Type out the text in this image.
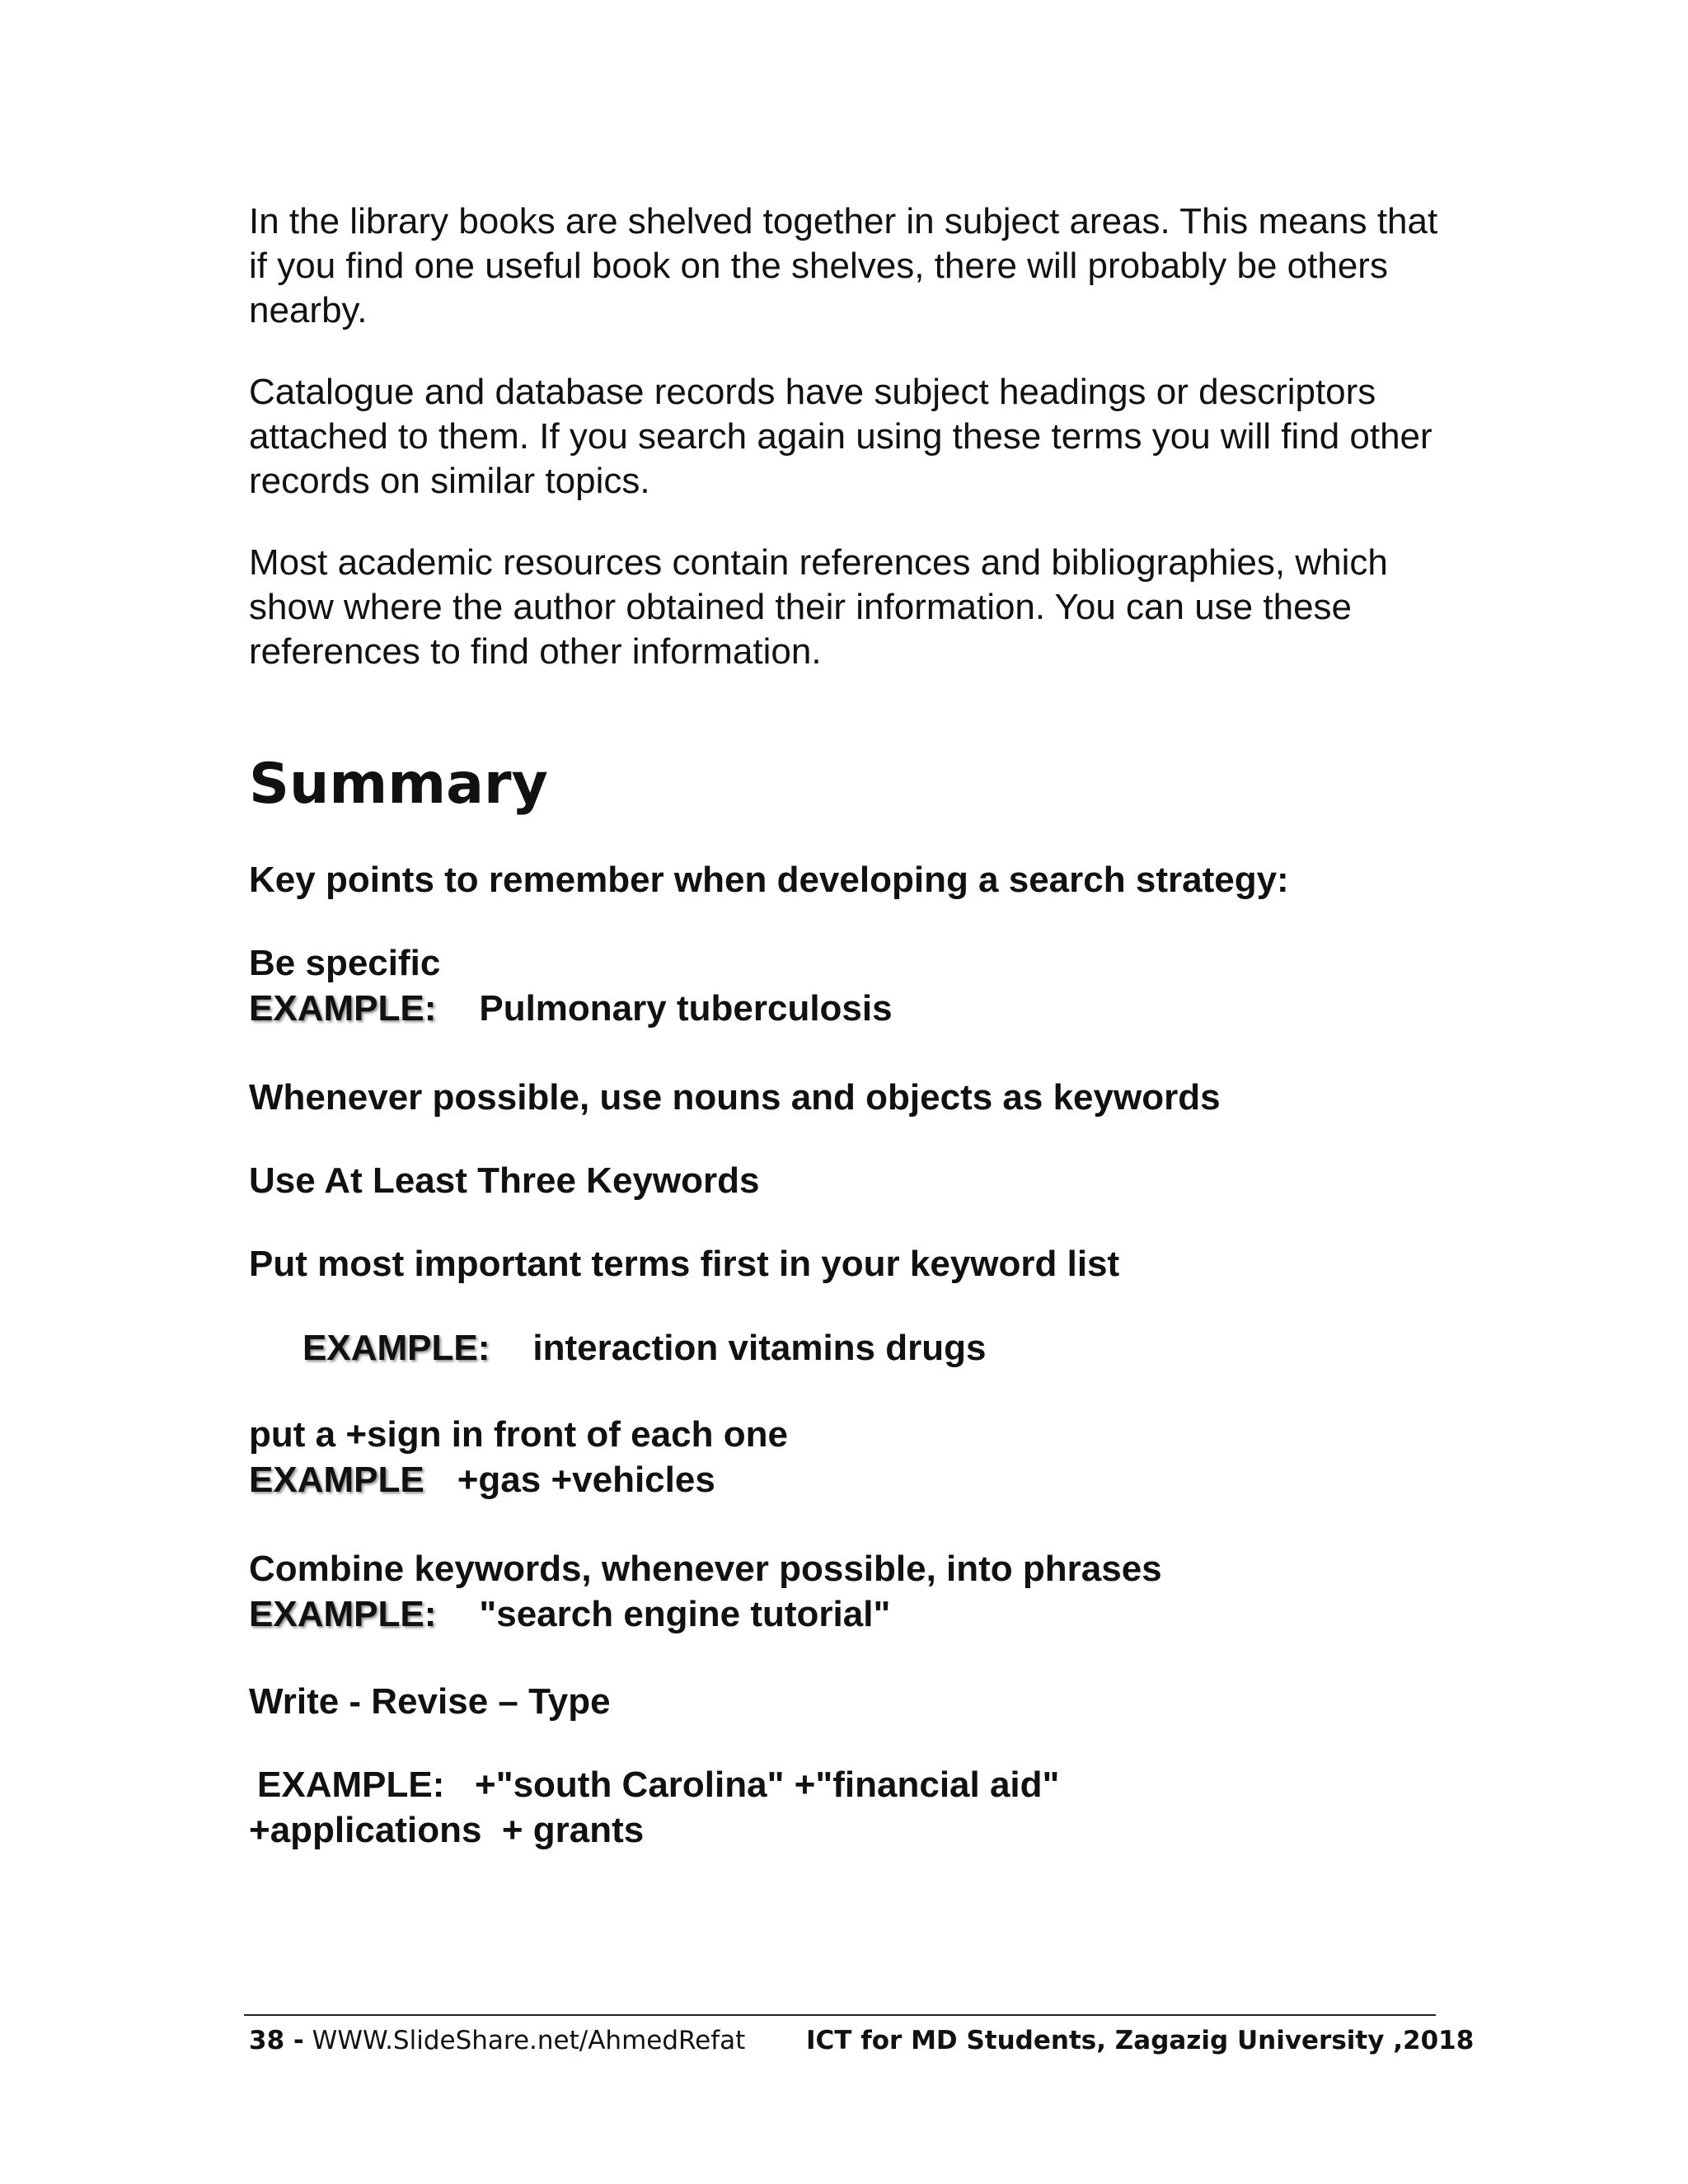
In the library books are shelved together in subject areas. This means that if you find one useful book on the shelves, there will probably be others nearby.

Catalogue and database records have subject headings or descriptors attached to them. If you search again using these terms you will find other records on similar topics.

Most academic resources contain references and bibliographies, which show where the author obtained their information. You can use these references to find other information.

Summary

Key points to remember when developing a search strategy:

Be specific

EXAMPLE: Pulmonary tuberculosis

Whenever possible, use nouns and objects as keywords

Use At Least Three Keywords

Put most important terms first in your keyword list

EXAMPLE: interaction vitamins drugs

put a +sign in front of each one

EXAMPLE +gas +vehicles

Combine keywords, whenever possible, into phrases

EXAMPLE: "search engine tutorial"

Write - Revise – Type

EXAMPLE:   +"south Carolina" +"financial aid"

+applications  + grants

38 - WWW.SlideShare.net/AhmedRefat ICT for MD Students, Zagazig University ,2018
